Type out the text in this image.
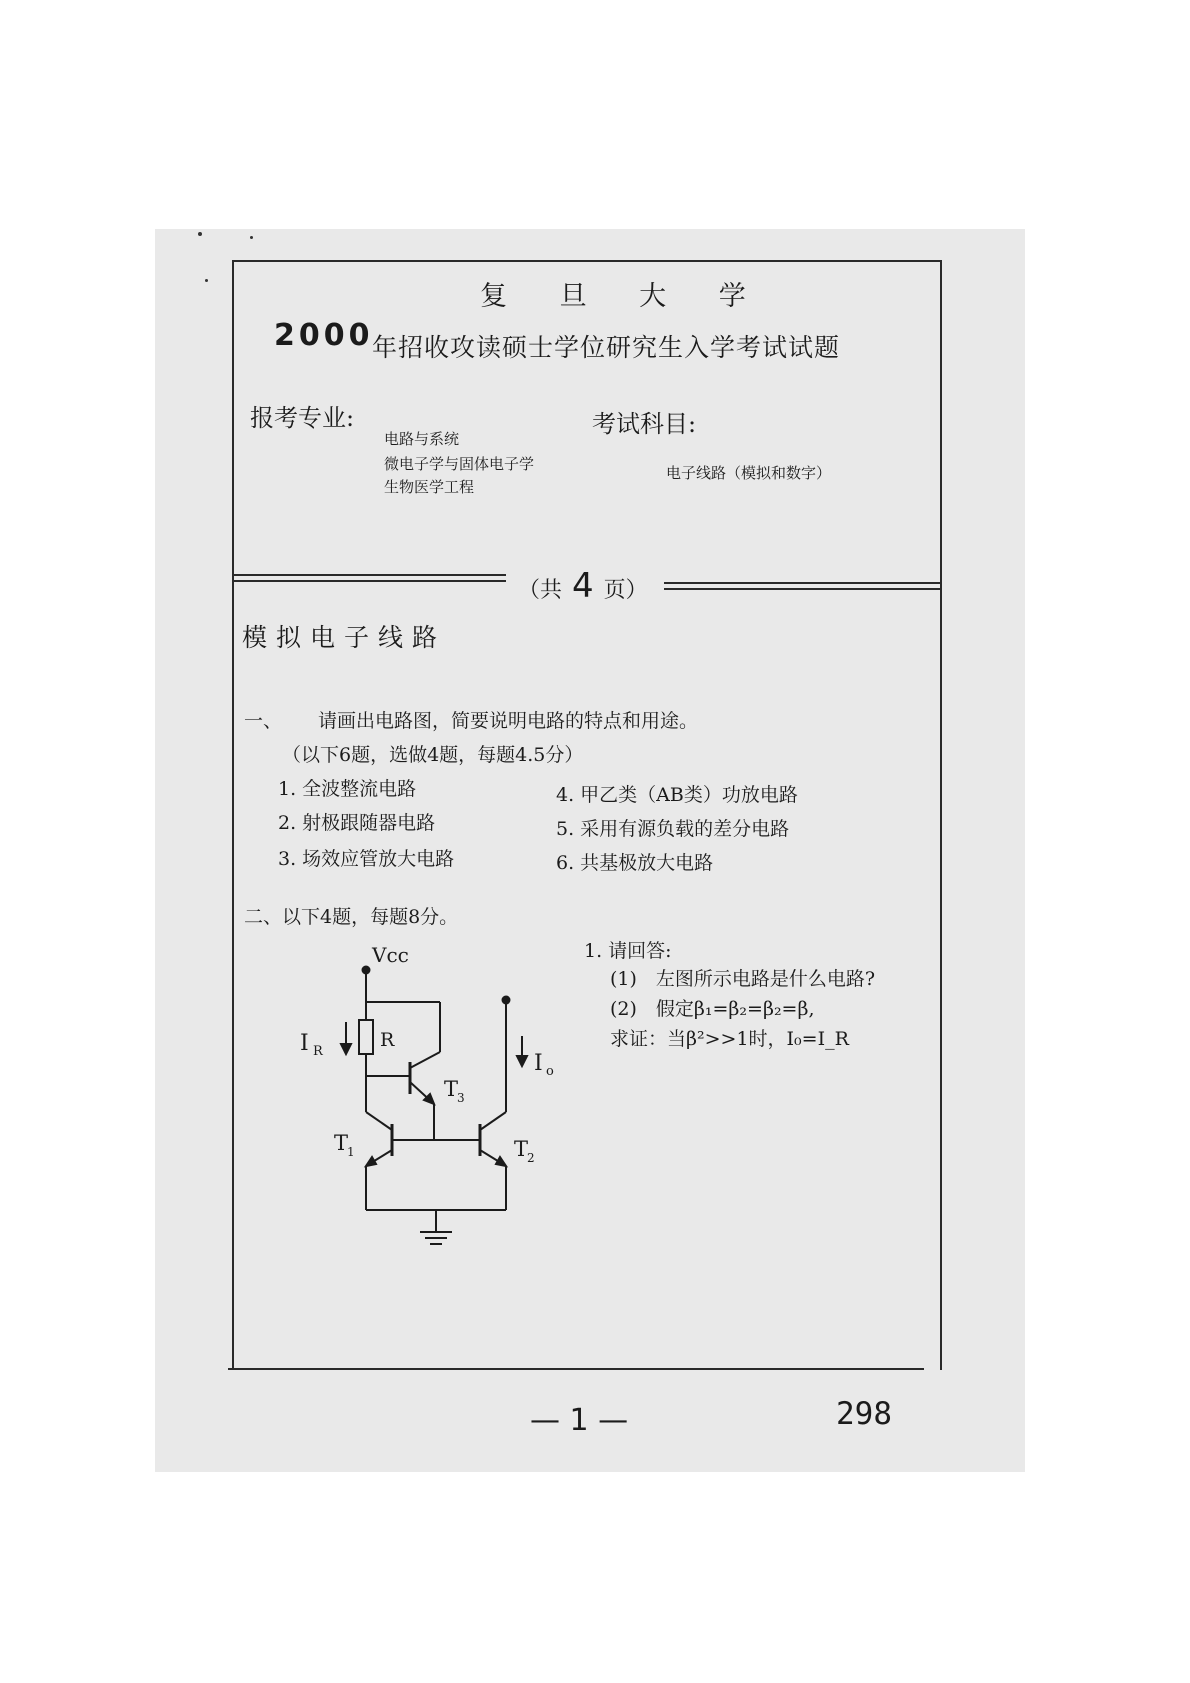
复 旦 大 学
2000
年招收攻读硕士学位研究生入学考试试题
报考专业:
电路与系统
微电子学与固体电子学
生物医学工程
考试科目:
电子线路（模拟和数字）
（共 4 页）
模拟电子线路
一、 请画出电路图，简要说明电路的特点和用途。
（以下6题，选做4题，每题4.5分）
1. 全波整流电路
2. 射极跟随器电路
3. 场效应管放大电路
4. 甲乙类（AB类）功放电路
5. 采用有源负载的差分电路
6. 共基极放大电路
二、以下4题，每题8分。
1. 请回答:
(1)　左图所示电路是什么电路?
(2)　假定β₁=β₂=β₂=β,
求证：当β²>>1时，I₀=I_R
Vcc
R
I R	I o
T
3
T
1	T
2
— 1 —	298
